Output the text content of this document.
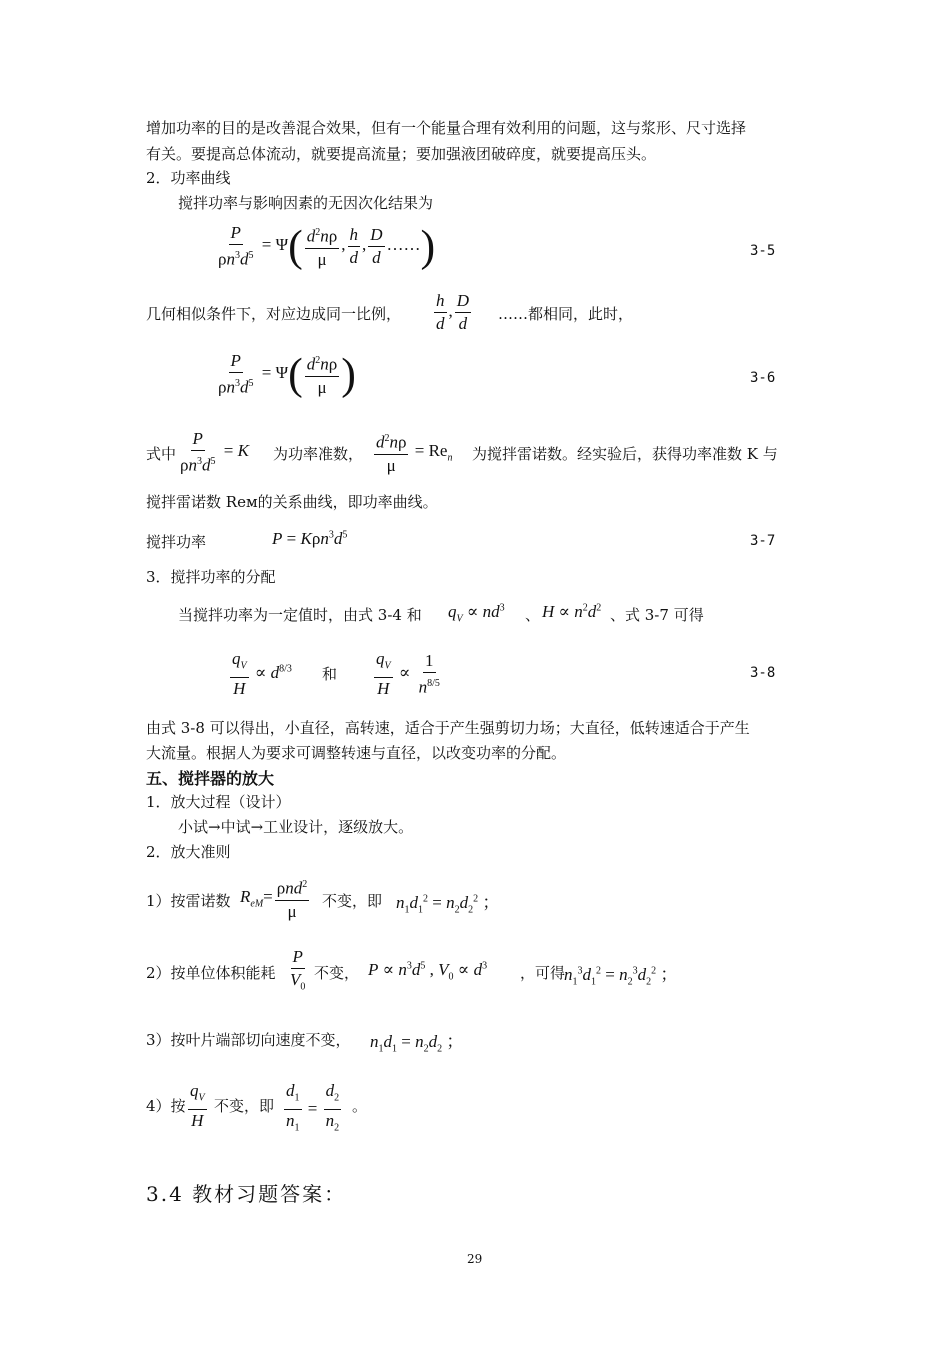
增加功率的目的是改善混合效果，但有一个能量合理有效利用的问题，这与浆形、尺寸选择
有关。要提高总体流动，就要提高流量；要加强液团破碎度，就要提高压头。
2．功率曲线
搅拌功率与影响因素的无因次化结果为
$\frac{P}{\rho n^3d^5} = \Psi( \frac{d^2n\rho}{\mu}$ , $\frac{h}{d}$ , $\frac{D}{d}$ ……)	3-5
几何相似条件下，对应边成同一比例， $\frac{h}{d}$ , $\frac{D}{d}$ ……都相同，此时，
$\frac{P}{\rho n^3d^5} = \Psi( \frac{d^2n\rho}{\mu}$ )	3-6
式中 $\frac{P}{\rho n^3d^5} = K$ 为功率准数， $\frac{d^2n\rho}{\mu} = Re_n$ 为搅拌雷诺数。经实验后，获得功率准数 K 与
搅拌雷诺数 Reм的关系曲线，即功率曲线。
搅拌功率	$P = K\rho n^3d^5$	3-7
3．搅拌功率的分配
当搅拌功率为一定值时，由式 3-4 和 $q_V \propto nd^3$ 、 $H \propto n^2d^2$ 、式 3-7 可得
$\frac{q_V}{H} \propto d^{8/3}$ 和 $\frac{q_V}{H} \propto \frac{1}{n^{8/5}}$	3-8
由式 3-8 可以得出，小直径，高转速，适合于产生强剪切力场；大直径，低转速适合于产生
大流量。根据人为要求可调整转速与直径，以改变功率的分配。
五、搅拌器的放大
1．放大过程（设计）
小试→中试→工业设计，逐级放大。
2．放大准则
1）按雷诺数 $R_{eM}= \frac{\rho nd^2}{\mu}$ 不变，即 $n_1d_1^2 = n_2d_2^2$ ；
2）按单位体积能耗 $\frac{P}{V_0}$ 不变， $P \propto n^3d^5$ , $V_0 \propto d^3$ ，可得
$n_1^3d_1^2 = n_2^3d_2^2$ ；
3）按叶片端部切向速度不变， $n_1d_1 = n_2d_2$ ；
4）按 $\frac{q_V}{H}$ 不变，即 $\frac{d_1}{n_1} = \frac{d_2}{n_2}$ 。
3.4 教材习题答案：
29
